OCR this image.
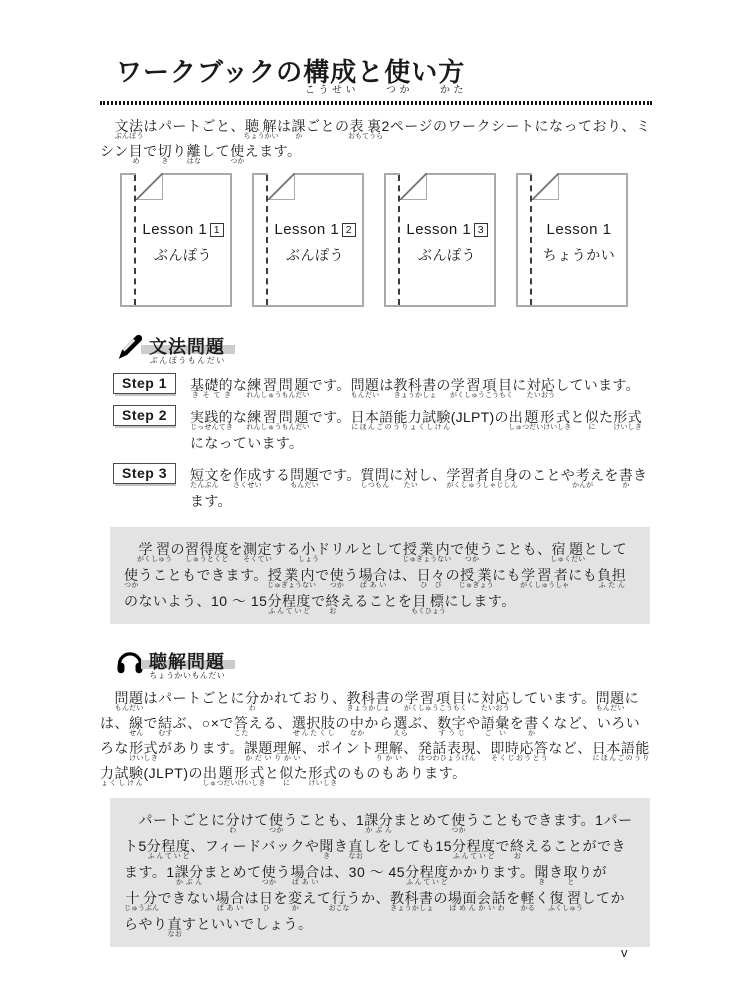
ワークブックの構成こうせいと使つかい方かた

　文法ぶんぽうはパートごと、聴解ちょうかいは課かごとの表裏おもてうら2ページのワークシートになっており、ミシン目めで切きり離はなして使つかえます。

Lesson 1 1
ぶんぽう
Lesson 1 2
ぶんぽう
Lesson 1 3
ぶんぽう
Lesson 1
ちょうかい
文法問題ぶんぽうもんだい
Step 1	基礎的きそてきな練習問題れんしゅうもんだいです。問題もんだいは教科書きょうかしょの学習項目がくしゅうこうもくに対応たいおうしています。
Step 2	実践的じっせんてきな練習問題れんしゅうもんだいです。日本語能力試験にほんごのうりょくしけん(JLPT)の出題形式しゅつだいけいしきと似にた形式けいしきになっています。
Step 3	短文たんぶんを作成さくせいする問題もんだいです。質問しつもんに対たいし、学習者自身がくしゅうしゃじしんのことや考かんがえを書かきます。
　学習がくしゅうの習得度しゅうとくどを測定そくていする小しょうドリルとして授業内じゅぎょうないで使つかうことも、宿題しゅくだいとして使つかうこともできます。授業内じゅぎょうないで使つかう場合ばあいは、日々ひびの授業じゅぎょうにも学習者がくしゅうしゃにも負担ふたんのないよう、10 ～ 15分程度ふんていどで終おえることを目標もくひょうにします。
聴解問題ちょうかいもんだい

　問題もんだいはパートごとに分わかれており、教科書きょうかしょの学習項目がくしゅうこうもくに対応たいおうしています。問題もんだいには、線せんで結むすぶ、○×で答こたえる、選択肢せんたくしの中なかから選えらぶ、数字すうじや語彙ごいを書かくなど、いろいろな形式けいしきがあります。課題理解かだいりかい、ポイント理解りかい、発話表現はつわひょうげん、即時応答そくじおうとうなど、日本語能力試験にほんごのうりょくしけん(JLPT)の出題形式しゅつだいけいしきと似にた形式けいしきのものもあります。

　パートごとに分わけて使つかうことも、1課分かぶんまとめて使つかうこともできます。1パート5分程度ふんていど、フィードバックや聞きき直なおしをしても15分程度ふんていどで終おえることができます。1課分かぶんまとめて使つかう場合ばあいは、30 ～ 45分程度ふんていどかかります。聞きき取とりが十分じゅうぶんできない場合ばあいは日ひを変かえて行おこなうか、教科書きょうかしょの場面会話ばめんかいわを軽かるく復習ふくしゅうしてからやり直なおすといいでしょう。
v
